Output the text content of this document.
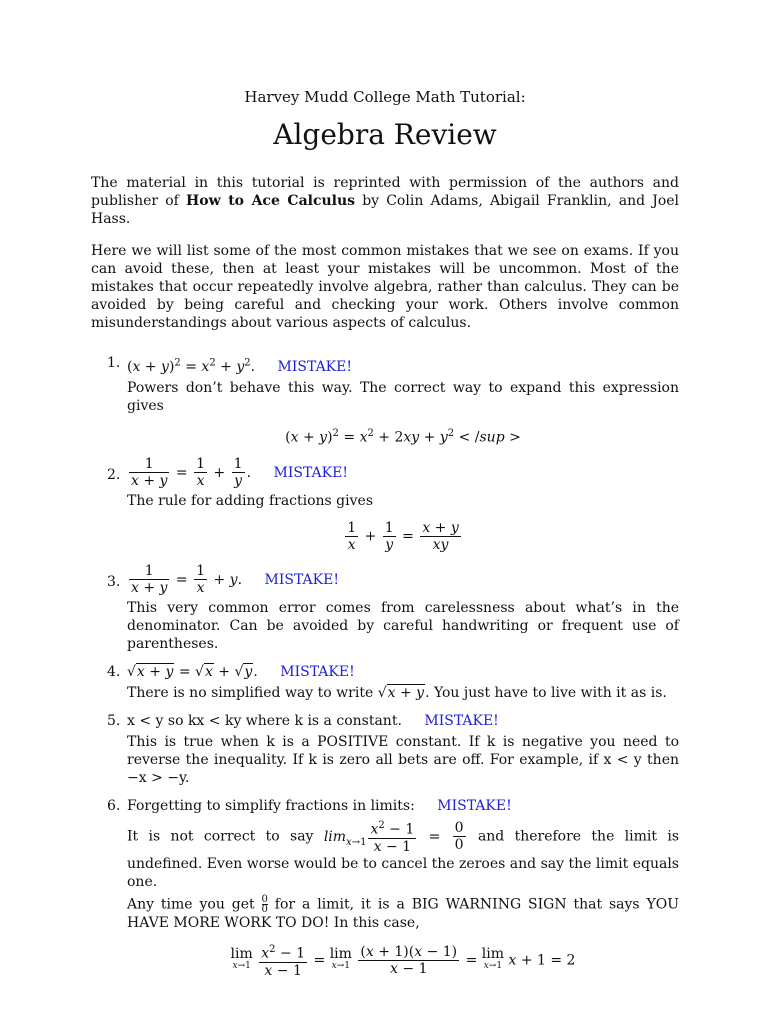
Harvey Mudd College Math Tutorial:
Algebra Review
The material in this tutorial is reprinted with permission of the authors and publisher of How to Ace Calculus by Colin Adams, Abigail Franklin, and Joel Hass.
Here we will list some of the most common mistakes that we see on exams. If you can avoid these, then at least your mistakes will be uncommon. Most of the mistakes that occur repeatedly involve algebra, rather than calculus. They can be avoided by being careful and checking your work. Others involve common misunderstandings about various aspects of calculus.
1. $(x + y)^2 = x^2 + y^2$. MISTAKE!
Powers don’t behave this way. The correct way to expand this expression gives
$(x + y)^2 = x^2 + 2xy + y^2 < /sup$ >
2. $\frac{1}{x + y} = \frac{1}{x} + \frac{1}{y}$ . MISTAKE!
The rule for adding fractions gives
$\frac{1}{x} + \frac{1}{y} = \frac{x + y}{xy}$
3. $\frac{1}{x + y} = \frac{1}{x} + y$. MISTAKE!
This very common error comes from carelessness about what’s in the denominator. Can be avoided by careful handwriting or frequent use of parentheses.
4. √x + y = √x + √y. MISTAKE!
There is no simplified way to write √x + y. You just have to live with it as is.
5. x < y so kx < ky where k is a constant. MISTAKE!
This is true when k is a POSITIVE constant. If k is negative you need to reverse the inequality. If k is zero all bets are off. For example, if x < y then −x > −y.
6. Forgetting to simplify fractions in limits: MISTAKE!
It is not correct to say $\lim_{x\to 1} \frac{x^2 - 1}{x - 1} = \frac{0}{0}$ and therefore the limit is undefined. Even worse would be to cancel the zeroes and say the limit equals one.
Any time you get $\frac{0}{0}$ for a limit, it is a BIG WARNING SIGN that says YOU HAVE MORE WORK TO DO! In this case,
lim
x→1
$\frac{x^2 - 1}{x - 1} = \lim$
x→1
$\frac{(x + 1)(x - 1)}{x - 1} = \lim$
x→1 x + 1 = 2
